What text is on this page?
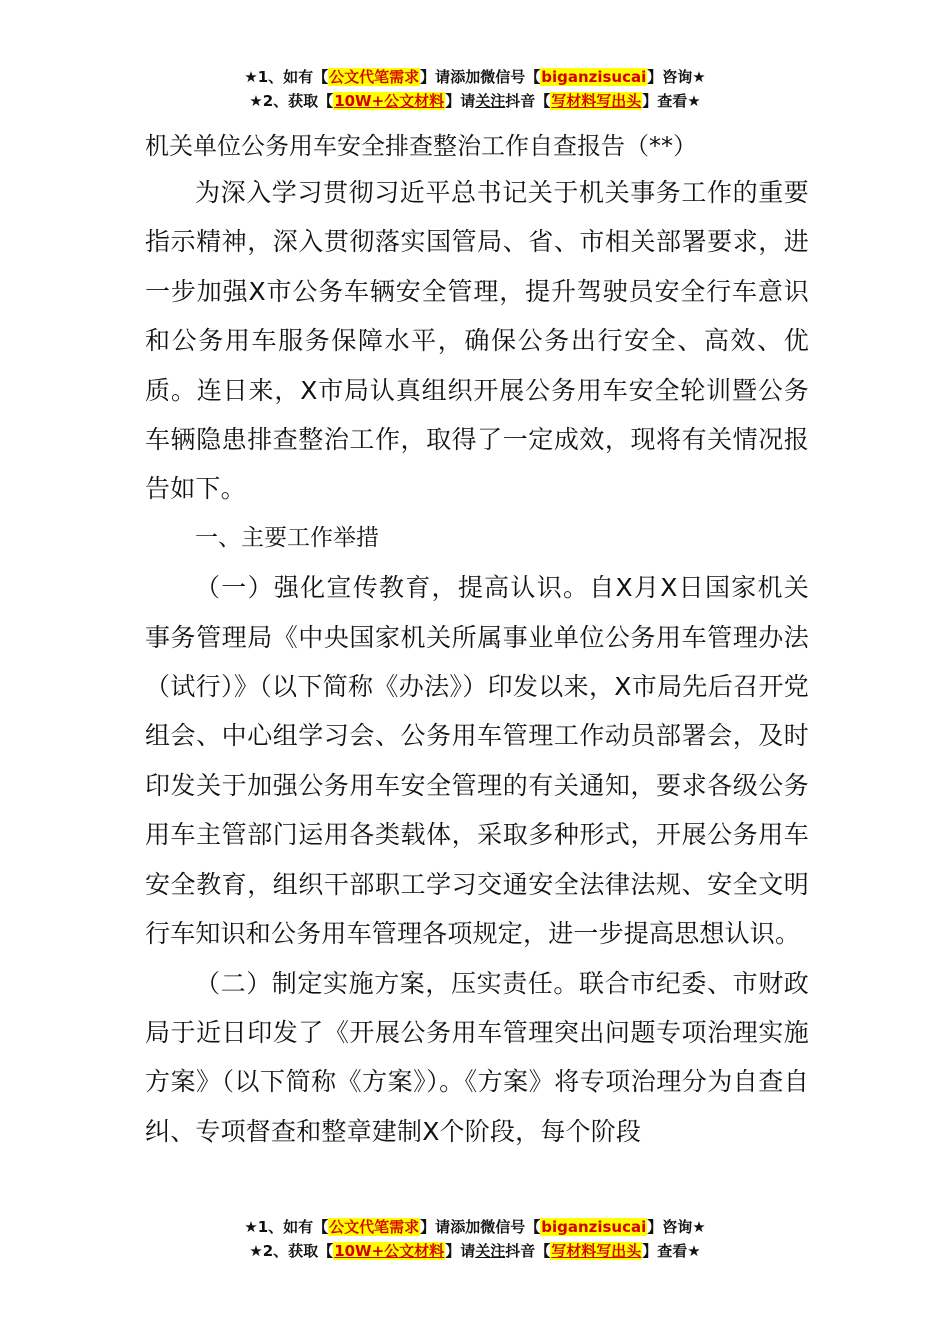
★1、如有【公文代笔需求】请添加微信号【biganzisucai】咨询★
★2、获取【10W+公文材料】请关注抖音【写材料写出头】查看★

机关单位公务用车安全排查整治工作自查报告（**）

为深入学习贯彻习近平总书记关于机关事务工作的重要指示精神，深入贯彻落实国管局、省、市相关部署要求，进一步加强X市公务车辆安全管理，提升驾驶员安全行车意识和公务用车服务保障水平，确保公务出行安全、高效、优质。连日来，X市局认真组织开展公务用车安全轮训暨公务车辆隐患排查整治工作，取得了一定成效，现将有关情况报告如下。

一、主要工作举措

（一）强化宣传教育，提高认识。自X月X日国家机关事务管理局《中央国家机关所属事业单位公务用车管理办法（试行）》（以下简称《办法》）印发以来，X市局先后召开党组会、中心组学习会、公务用车管理工作动员部署会，及时印发关于加强公务用车安全管理的有关通知，要求各级公务用车主管部门运用各类载体，采取多种形式，开展公务用车安全教育，组织干部职工学习交通安全法律法规、安全文明行车知识和公务用车管理各项规定，进一步提高思想认识。

（二）制定实施方案，压实责任。联合市纪委、市财政局于近日印发了《开展公务用车管理突出问题专项治理实施方案》（以下简称《方案》）。《方案》将专项治理分为自查自纠、专项督查和整章建制X个阶段，每个阶段

★1、如有【公文代笔需求】请添加微信号【biganzisucai】咨询★
★2、获取【10W+公文材料】请关注抖音【写材料写出头】查看★
